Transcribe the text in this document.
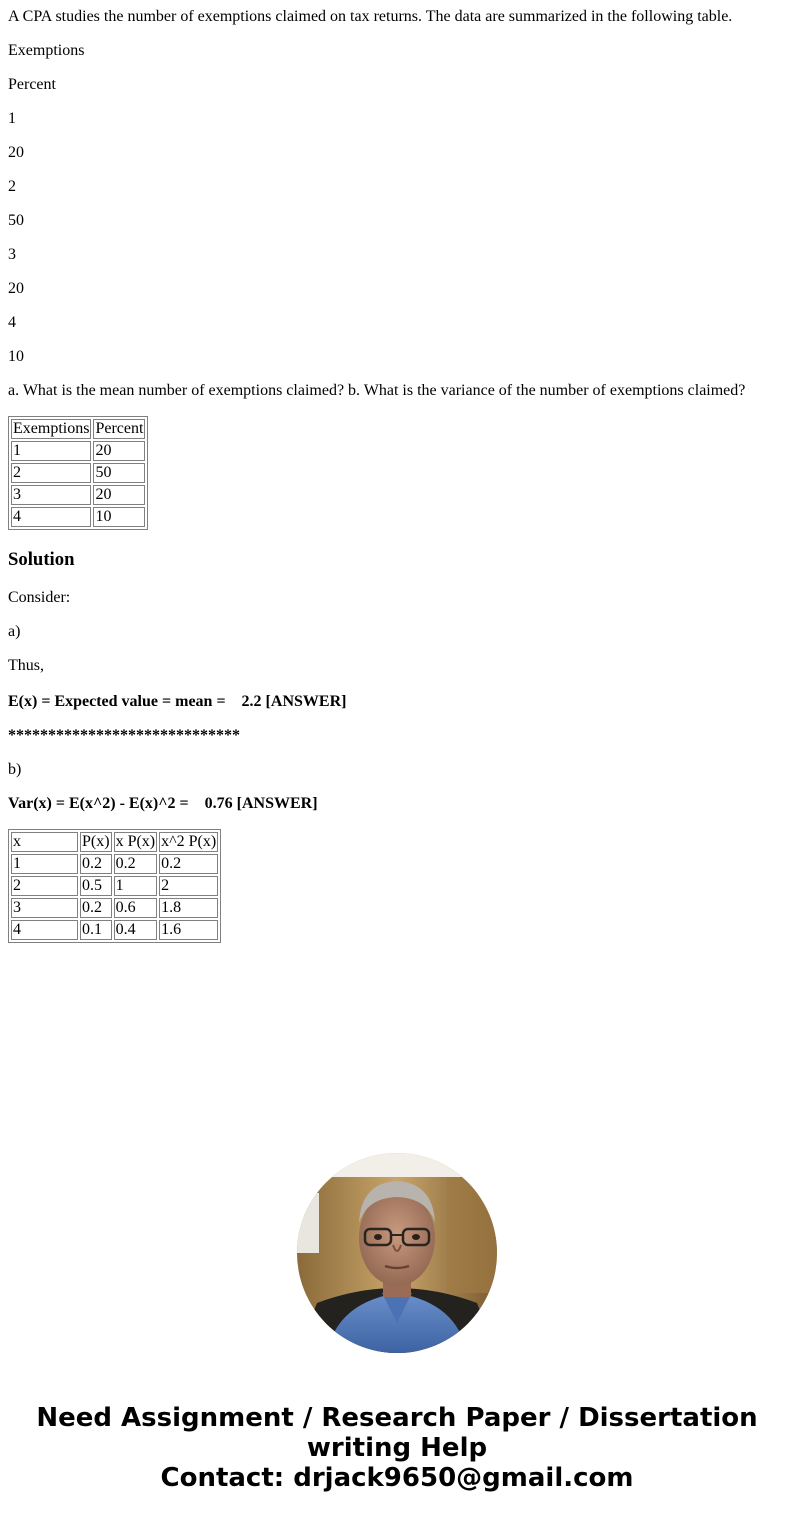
A CPA studies the number of exemptions claimed on tax returns. The data are summarized in the following table.

Exemptions

Percent

1

20

2

50

3

20

4

10

a. What is the mean number of exemptions claimed? b. What is the variance of the number of exemptions claimed?

Exemptions	Percent
1	20
2	50
3	20
4	10
Solution

Consider:

a)

Thus,

E(x) = Expected value = mean =    2.2 [ANSWER]

*****************************

b)

Var(x) = E(x^2) - E(x)^2 =    0.76 [ANSWER]

x	P(x)	x P(x)	x^2 P(x)
1	0.2	0.2	0.2
2	0.5	1	2
3	0.2	0.6	1.8
4	0.1	0.4	1.6
Need Assignment / Research Paper / Dissertation
writing Help
Contact: drjack9650@gmail.com
